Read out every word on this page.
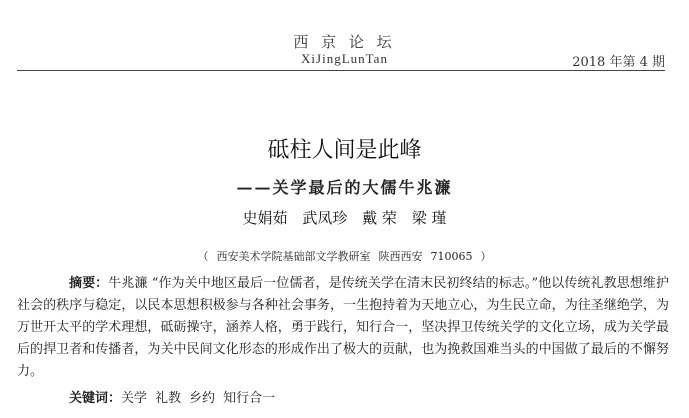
西 京 论 坛

XiJingLunTan	2018 年第 4 期

砥柱人间是此峰
——关学最后的大儒牛兆濂

史娟茹 武凤珍 戴 荣 梁 瑾

（ 西安美术学院基础部文学教研室 陕西西安 710065 ）

摘要：牛兆濂 “作为关中地区最后一位儒者，是传统关学在清末民初终结的标志。”他以传统礼教思想维护社会的秩序与稳定，以民本思想积极参与各种社会事务，一生抱持着为天地立心，为生民立命，为往圣继绝学，为万世开太平的学术理想，砥砺操守，涵养人格，勇于践行，知行合一，坚决捍卫传统关学的文化立场，成为关学最后的捍卫者和传播者，为关中民间文化形态的形成作出了极大的贡献，也为挽救国难当头的中国做了最后的不懈努力。

关键词：关学 礼教 乡约 知行合一
